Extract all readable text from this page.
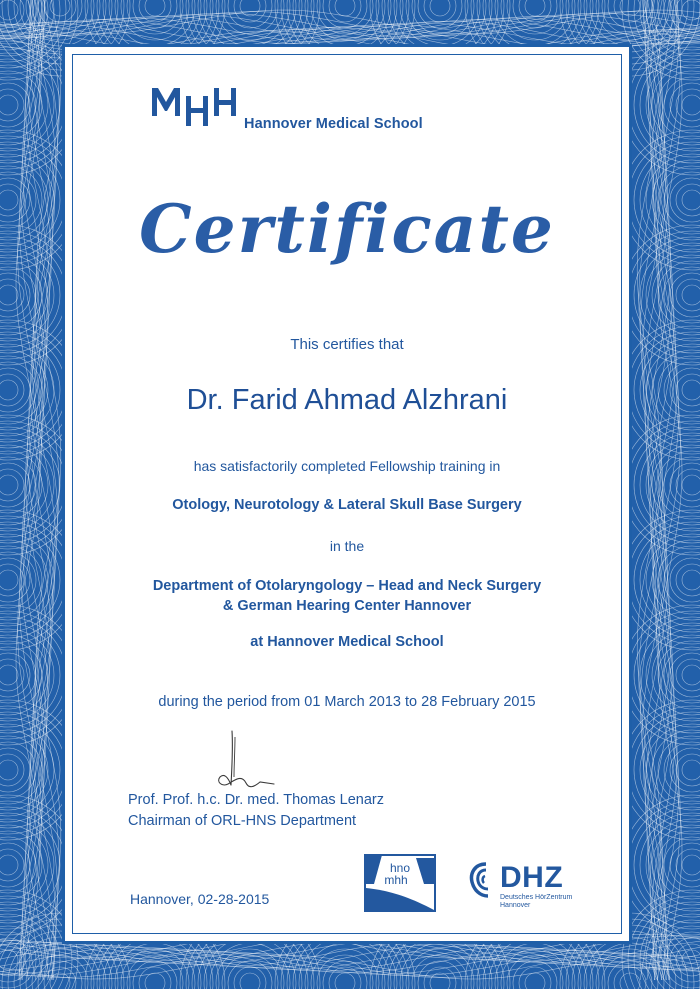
Hannover Medical School
Certificate
This certifies that
Dr. Farid Ahmad Alzhrani
has satisfactorily completed Fellowship training in
Otology, Neurotology & Lateral Skull Base Surgery
in the
Department of Otolaryngology – Head and Neck Surgery
& German Hearing Center Hannover
at Hannover Medical School
during the period from 01 March 2013 to 28 February 2015
Prof. Prof. h.c. Dr. med. Thomas Lenarz
Chairman of ORL-HNS Department
Hannover, 02-28-2015
hno
mhh	DHZ
Deutsches HörZentrum
Hannover
